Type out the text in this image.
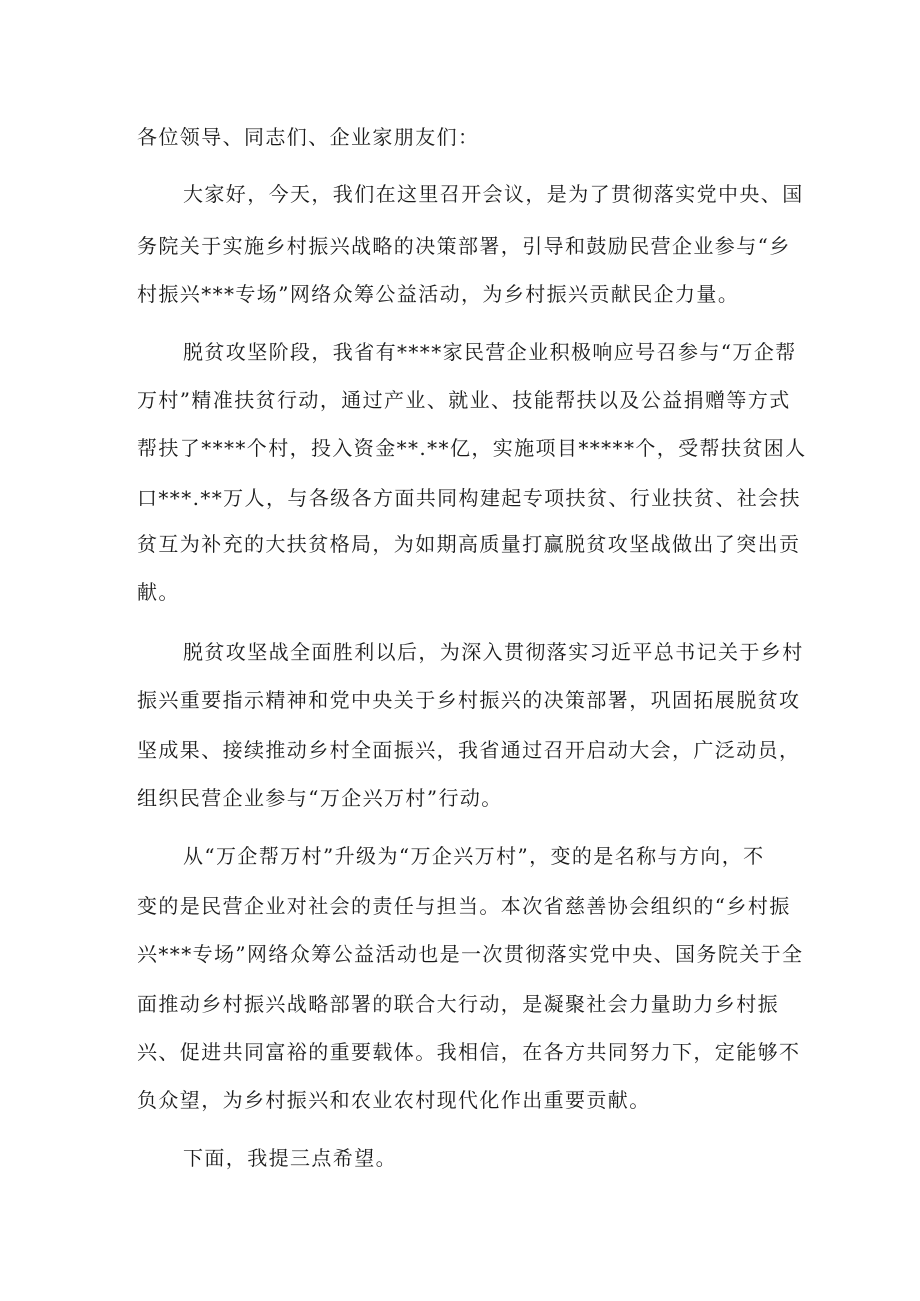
各位领导、同志们、企业家朋友们：
大家好，今天，我们在这里召开会议，是为了贯彻落实党中央、国
务院关于实施乡村振兴战略的决策部署，引导和鼓励民营企业参与“乡
村振兴***专场”网络众筹公益活动，为乡村振兴贡献民企力量。
脱贫攻坚阶段，我省有****家民营企业积极响应号召参与“万企帮
万村”精准扶贫行动，通过产业、就业、技能帮扶以及公益捐赠等方式
帮扶了****个村，投入资金**.**亿，实施项目*****个，受帮扶贫困人
口***.**万人，与各级各方面共同构建起专项扶贫、行业扶贫、社会扶
贫互为补充的大扶贫格局，为如期高质量打赢脱贫攻坚战做出了突出贡
献。
脱贫攻坚战全面胜利以后，为深入贯彻落实习近平总书记关于乡村
振兴重要指示精神和党中央关于乡村振兴的决策部署，巩固拓展脱贫攻
坚成果、接续推动乡村全面振兴，我省通过召开启动大会，广泛动员，
组织民营企业参与“万企兴万村”行动。
从“万企帮万村”升级为“万企兴万村”，变的是名称与方向，不
变的是民营企业对社会的责任与担当。本次省慈善协会组织的“乡村振
兴***专场”网络众筹公益活动也是一次贯彻落实党中央、国务院关于全
面推动乡村振兴战略部署的联合大行动，是凝聚社会力量助力乡村振
兴、促进共同富裕的重要载体。我相信，在各方共同努力下，定能够不
负众望，为乡村振兴和农业农村现代化作出重要贡献。
下面，我提三点希望。
